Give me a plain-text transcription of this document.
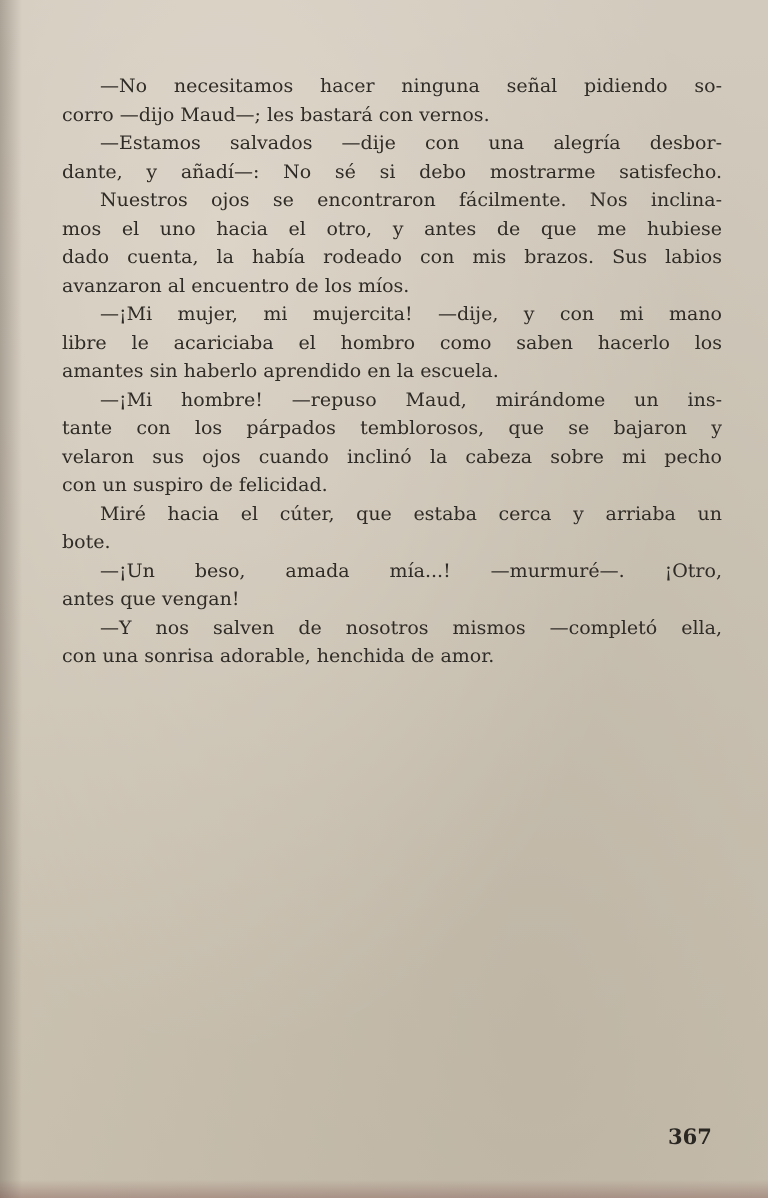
—No necesitamos hacer ninguna señal pidiendo so-
corro —dijo Maud—; les bastará con vernos.
—Estamos salvados —dije con una alegría desbor-
dante, y añadí—: No sé si debo mostrarme satisfecho.
Nuestros ojos se encontraron fácilmente. Nos inclina-
mos el uno hacia el otro, y antes de que me hubiese
dado cuenta, la había rodeado con mis brazos. Sus labios
avanzaron al encuentro de los míos.
—¡Mi mujer, mi mujercita! —dije, y con mi mano
libre le acariciaba el hombro como saben hacerlo los
amantes sin haberlo aprendido en la escuela.
—¡Mi hombre! —repuso Maud, mirándome un ins-
tante con los párpados temblorosos, que se bajaron y
velaron sus ojos cuando inclinó la cabeza sobre mi pecho
con un suspiro de felicidad.
Miré hacia el cúter, que estaba cerca y arriaba un
bote.
—¡Un beso, amada mía...! —murmuré—. ¡Otro,
antes que vengan!
—Y nos salven de nosotros mismos —completó ella,
con una sonrisa adorable, henchida de amor.
367
